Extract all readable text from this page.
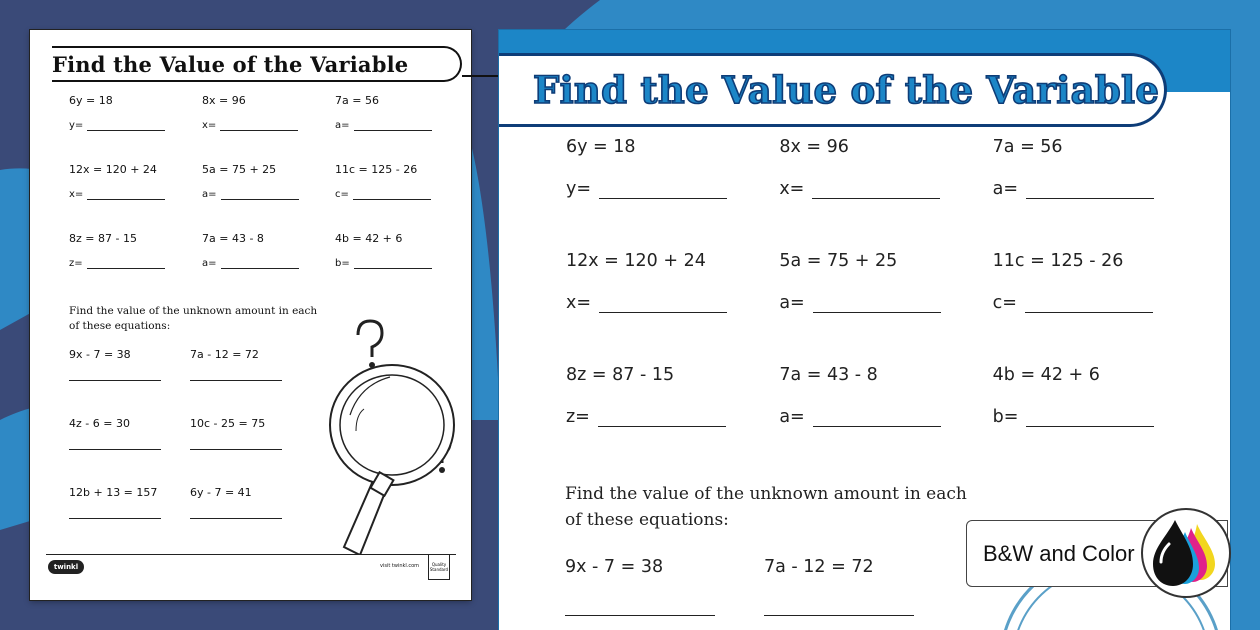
Find the Value of the Variable
6y = 18
y=
8x = 96
x=
7a = 56
a=
12x = 120 + 24
x=
5a = 75 + 25
a=
11c = 125 - 26
c=
8z = 87 - 15
z=
7a = 43 - 8
a=
4b = 42 + 6
b=
Find the value of the unknown amount in each
of these equations:
9x - 7 = 38	7a - 12 = 72
4z - 6 = 30	10c - 25 = 75
12b + 13 = 157	6y - 7 = 41
twinkl	visit twinkl.com	Quality Standard
Find the Value of the Variable
6y = 18
y=
8x = 96
x=
7a = 56
a=
12x = 120 + 24
x=
5a = 75 + 25
a=
11c = 125 - 26
c=
8z = 87 - 15
z=
7a = 43 - 8
a=
4b = 42 + 6
b=
Find the value of the unknown amount in each
of these equations:
9x - 7 = 38	7a - 12 = 72
B&W and Color
